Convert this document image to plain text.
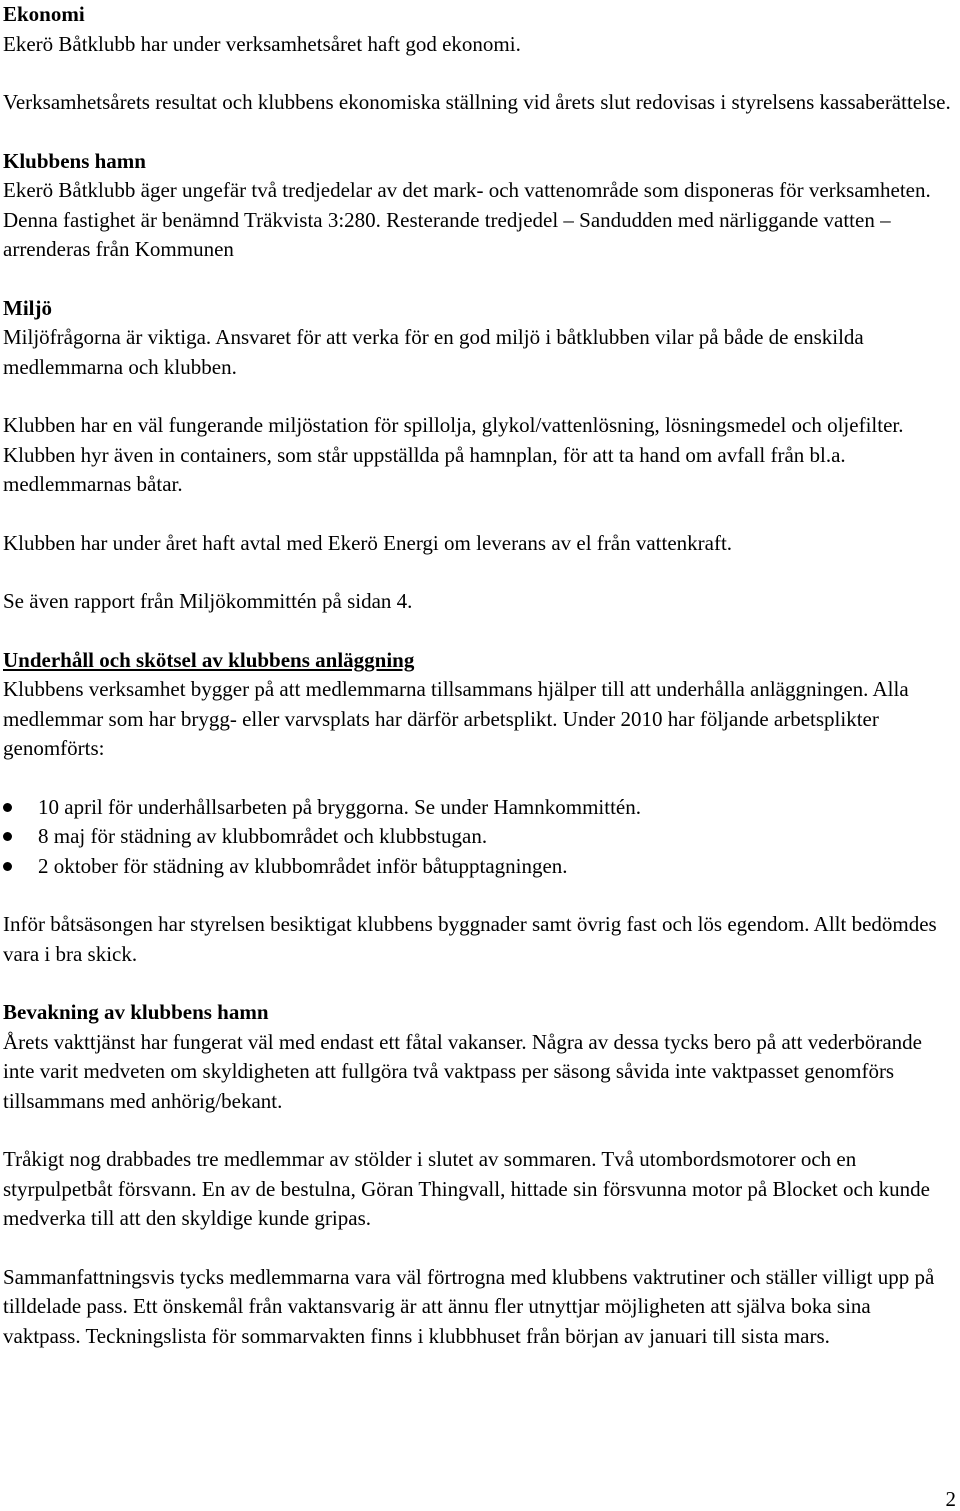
Ekonomi

Ekerö Båtklubb har under verksamhetsåret haft god ekonomi.

Verksamhetsårets resultat och klubbens ekonomiska ställning vid årets slut redovisas i styrelsens kassaberättelse.

Klubbens hamn

Ekerö Båtklubb äger ungefär två tredjedelar av det mark- och vattenområde som disponeras för verksamheten. Denna fastighet är benämnd Träkvista 3:280. Resterande tredjedel – Sandudden med närliggande vatten – arrenderas från Kommunen

Miljö

Miljöfrågorna är viktiga. Ansvaret för att verka för en god miljö i båtklubben vilar på både de enskilda medlemmarna och klubben.

Klubben har en väl fungerande miljöstation för spillolja, glykol/vattenlösning, lösningsmedel och oljefilter. Klubben hyr även in containers, som står uppställda på hamnplan, för att ta hand om avfall från bl.a. medlemmarnas båtar.

Klubben har under året haft avtal med Ekerö Energi om leverans av el från vattenkraft.

Se även rapport från Miljökommittén på sidan 4.

Underhåll och skötsel av klubbens anläggning

Klubbens verksamhet bygger på att medlemmarna tillsammans hjälper till att underhålla anläggningen. Alla medlemmar som har brygg- eller varvsplats har därför arbetsplikt. Under 2010 har följande arbetsplikter genomförts:

10 april för underhållsarbeten på bryggorna. Se under Hamnkommittén.
8 maj för städning av klubbområdet och klubbstugan.
2 oktober för städning av klubbområdet inför båtupptagningen.

Inför båtsäsongen har styrelsen besiktigat klubbens byggnader samt övrig fast och lös egendom. Allt bedömdes vara i bra skick.

Bevakning av klubbens hamn

Årets vakttjänst har fungerat väl med endast ett fåtal vakanser. Några av dessa tycks bero på att vederbörande inte varit medveten om skyldigheten att fullgöra två vaktpass per säsong såvida inte vaktpasset genomförs tillsammans med anhörig/bekant.

Tråkigt nog drabbades tre medlemmar av stölder i slutet av sommaren. Två utombordsmotorer och en styrpulpetbåt försvann. En av de bestulna, Göran Thingvall, hittade sin försvunna motor på Blocket och kunde medverka till att den skyldige kunde gripas.

Sammanfattningsvis tycks medlemmarna vara väl förtrogna med klubbens vaktrutiner och ställer villigt upp på tilldelade pass. Ett önskemål från vaktansvarig är att ännu fler utnyttjar möjligheten att själva boka sina vaktpass. Teckningslista för sommarvakten finns i klubbhuset från början av januari till sista mars.

2
